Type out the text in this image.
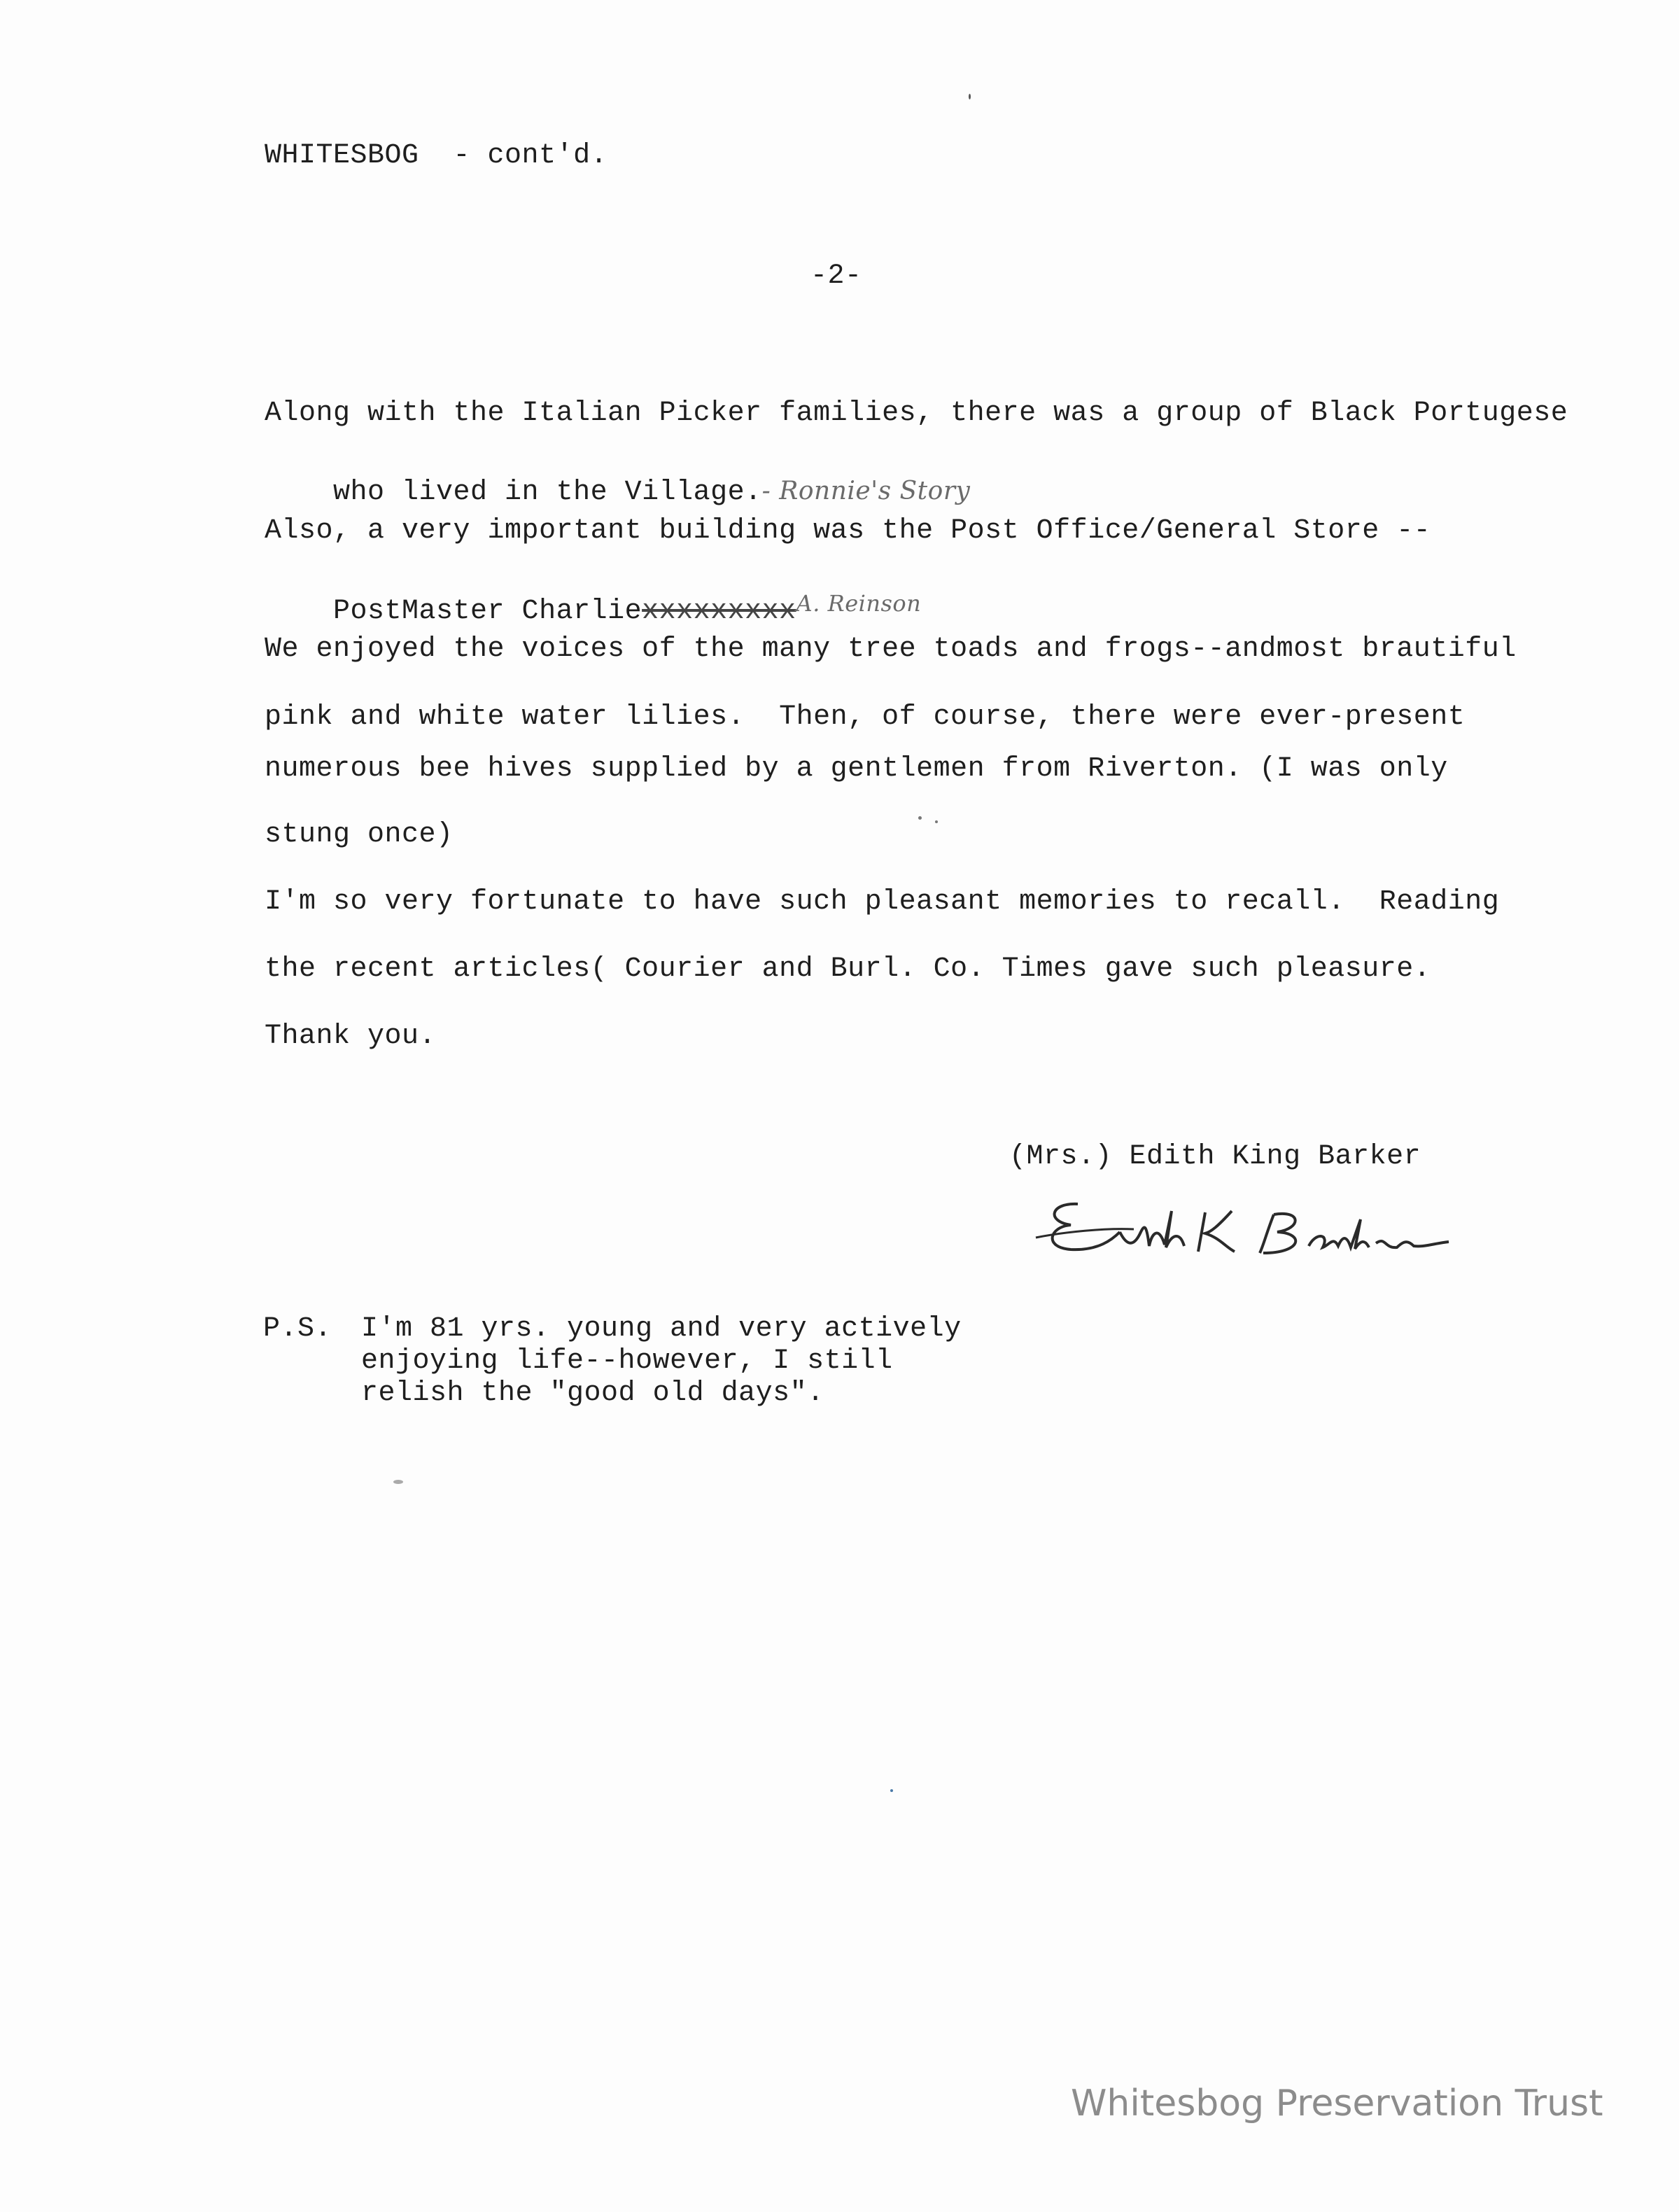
WHITESBOG  - cont'd.
-2-
Along with the Italian Picker families, there was a group of Black Portugese

who lived in the Village.- Ronnie's Story

Also, a very important building was the Post Office/General Store --

PostMaster Charliexxxxxxxxx$^{A. Reinson}$

We enjoyed the voices of the many tree toads and frogs--andmost brautiful
pink and white water lilies.  Then, of course, there were ever-present
numerous bee hives supplied by a gentlemen from Riverton. (I was only
stung once)
I'm so very fortunate to have such pleasant memories to recall.  Reading
the recent articles( Courier and Burl. Co. Times gave such pleasure.
Thank you.
(Mrs.) Edith King Barker
P.S. I'm 81 yrs. young and very actively
enjoying life--however, I still
relish the "good old days".
Whitesbog Preservation Trust
